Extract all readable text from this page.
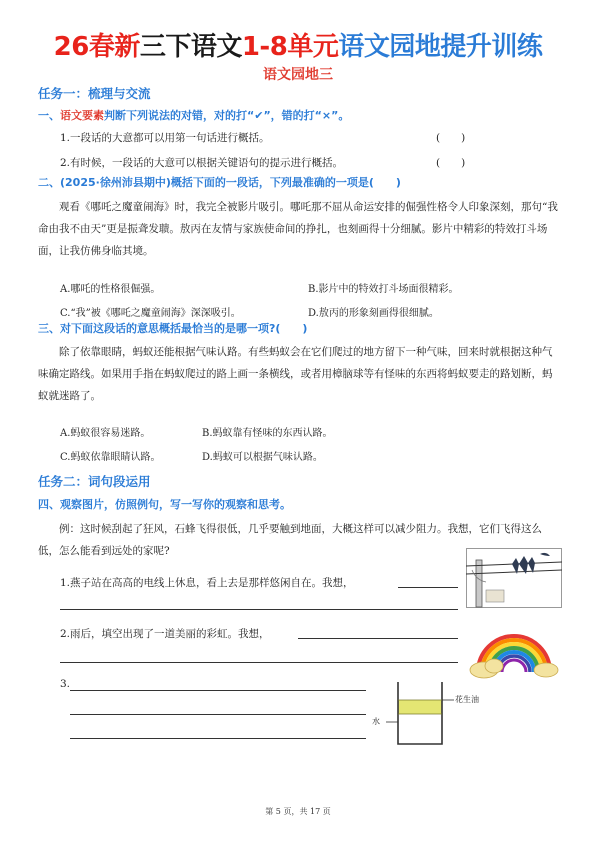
26春新三下语文1-8单元语文园地提升训练
语文园地三
任务一：梳理与交流
一、语文要素判断下列说法的对错，对的打“✔”，错的打“×”。
1.一段话的大意都可以用第一句话进行概括。	(　　)
2.有时候，一段话的大意可以根据关键语句的提示进行概括。	(　　)
二、(2025·徐州沛县期中)概括下面的一段话，下列最准确的一项是(　　)
观看《哪吒之魔童闹海》时，我完全被影片吸引。哪吒那不屈从命运安排的倔强性格令人印象深刻，那句“我命由我不由天”更是振聋发聩。敖丙在友情与家族使命间的挣扎，也刻画得十分细腻。影片中精彩的特效打斗场面，让我仿佛身临其境。
A.哪吒的性格很倔强。	B.影片中的特效打斗场面很精彩。
C.“我”被《哪吒之魔童闹海》深深吸引。	D.敖丙的形象刻画得很细腻。
三、对下面这段话的意思概括最恰当的是哪一项?(　　)
除了依靠眼睛，蚂蚁还能根据气味认路。有些蚂蚁会在它们爬过的地方留下一种气味，回来时就根据这种气味确定路线。如果用手指在蚂蚁爬过的路上画一条横线，或者用樟脑球等有怪味的东西将蚂蚁要走的路划断，蚂蚁就迷路了。
A.蚂蚁很容易迷路。	B.蚂蚁靠有怪味的东西认路。
C.蚂蚁依靠眼睛认路。	D.蚂蚁可以根据气味认路。
任务二：词句段运用
四、观察图片，仿照例句，写一写你的观察和思考。
例：这时候刮起了狂风，石蜂飞得很低，几乎要触到地面，大概这样可以减少阻力。我想，它们飞得这么低，怎么能看到远处的家呢?
1.燕子站在高高的电线上休息，看上去是那样悠闲自在。我想，
2.雨后，填空出现了一道美丽的彩虹。我想，
3.
花生油
水
第 5 页，共 17 页
